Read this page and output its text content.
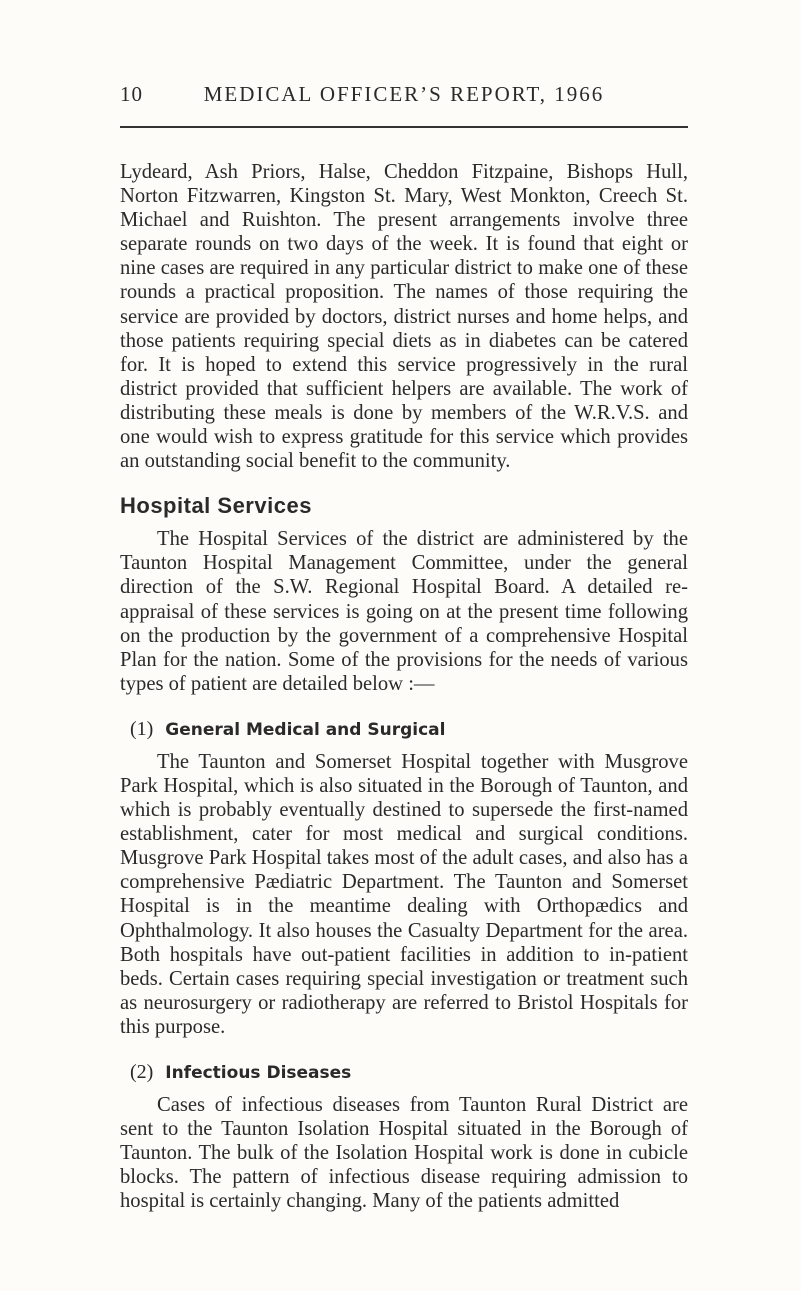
10	MEDICAL OFFICER’S REPORT, 1966

Lydeard, Ash Priors, Halse, Cheddon Fitzpaine, Bishops Hull, Norton Fitzwarren, Kingston St. Mary, West Monkton, Creech St. Michael and Ruishton. The present arrangements involve three separate rounds on two days of the week. It is found that eight or nine cases are required in any particular district to make one of these rounds a practical proposition. The names of those requiring the service are provided by doctors, district nurses and home helps, and those patients requiring special diets as in diabetes can be catered for. It is hoped to extend this service progressively in the rural district provided that sufficient helpers are available. The work of distributing these meals is done by members of the W.R.V.S. and one would wish to express gratitude for this service which provides an outstanding social benefit to the community.

Hospital Services

The Hospital Services of the district are administered by the Taunton Hospital Management Committee, under the general direction of the S.W. Regional Hospital Board. A detailed re-appraisal of these services is going on at the present time following on the production by the government of a comprehensive Hospital Plan for the nation. Some of the provisions for the needs of various types of patient are detailed below :—

(1) General Medical and Surgical

The Taunton and Somerset Hospital together with Musgrove Park Hospital, which is also situated in the Borough of Taunton, and which is probably eventually destined to supersede the first-named establishment, cater for most medical and surgical conditions. Musgrove Park Hospital takes most of the adult cases, and also has a comprehensive Pædiatric Department. The Taunton and Somerset Hospital is in the meantime dealing with Orthopædics and Ophthalmology. It also houses the Casualty Department for the area. Both hospitals have out-patient facilities in addition to in-patient beds. Certain cases requiring special investigation or treatment such as neurosurgery or radiotherapy are referred to Bristol Hospitals for this purpose.

(2) Infectious Diseases

Cases of infectious diseases from Taunton Rural District are sent to the Taunton Isolation Hospital situated in the Borough of Taunton. The bulk of the Isolation Hospital work is done in cubicle blocks. The pattern of infectious disease requiring admission to hospital is certainly changing. Many of the patients admitted
